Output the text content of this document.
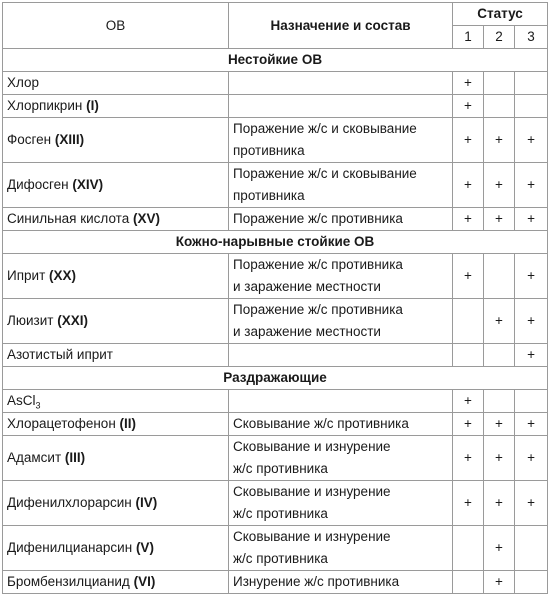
ОВ	Назначение и состав	Статус		
		1	2	3
Нестойкие ОВ				
Хлор		+		
Хлорпикрин (I)		+		
Фосген (XIII)	Поражение ж/с и сковывание
противника	+	+	+
Дифосген (XIV)	Поражение ж/с и сковывание
противника	+	+	+
Синильная кислота (XV)	Поражение ж/с противника	+	+	+
Кожно-нарывные стойкие ОВ				
Иприт (XX)	Поражение ж/с противника
и заражение местности	+		+
Люизит (XXI)	Поражение ж/с противника
и заражение местности		+	+
Азотистый иприт				+
Раздражающие				
AsCl$_3$		+		
Хлорацетофенон (II)	Сковывание ж/с противника	+	+	+
Адамсит (III)	Сковывание и изнурение
ж/с противника	+	+	+
Дифенилхлорарсин (IV)	Сковывание и изнурение
ж/с противника	+	+	+
Дифенилцианарсин (V)	Сковывание и изнурение
ж/с противника		+	
Бромбензилцианид (VI)	Изнурение ж/с противника		+	
